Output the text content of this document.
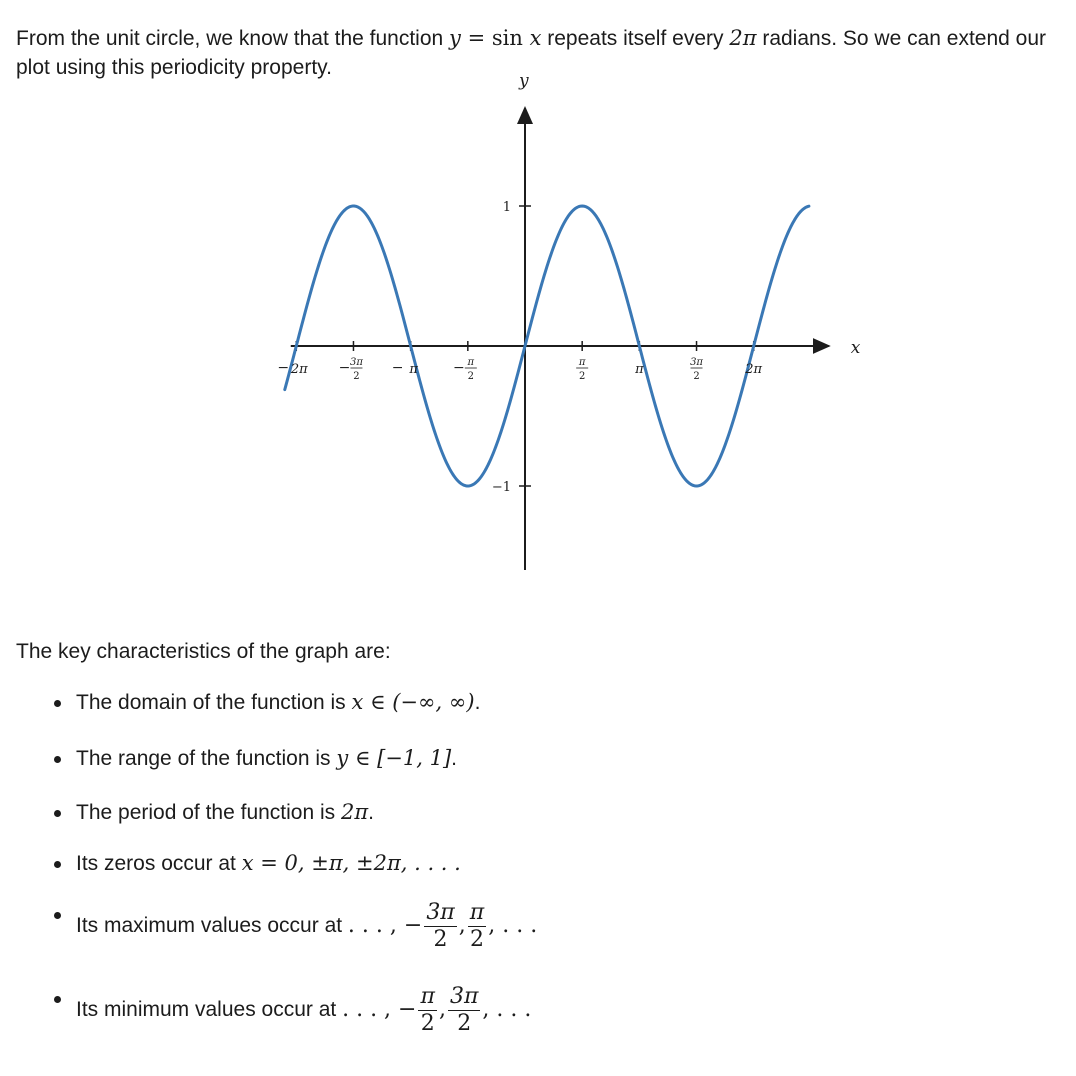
From the unit circle, we know that the function y = sin x repeats itself every 2π radians. So we can extend our plot using this periodicity property.
x
y
− 2π − 3π
2
− π	− π
2
π
2	π	3π
2	2π
1
−1
The key characteristics of the graph are:
The domain of the function is x ∈ (−∞, ∞).
The range of the function is y ∈ [−1, 1].
The period of the function is 2π.
Its zeros occur at x = 0, ±π, ±2π, . . . .
Its maximum values occur at . . . , − $\frac{3\pi}{2}$ , $\frac{\pi}{2}$ , . . .
Its minimum values occur at . . . , − $\frac{\pi}{2}$ , $\frac{3\pi}{2}$ , . . .
